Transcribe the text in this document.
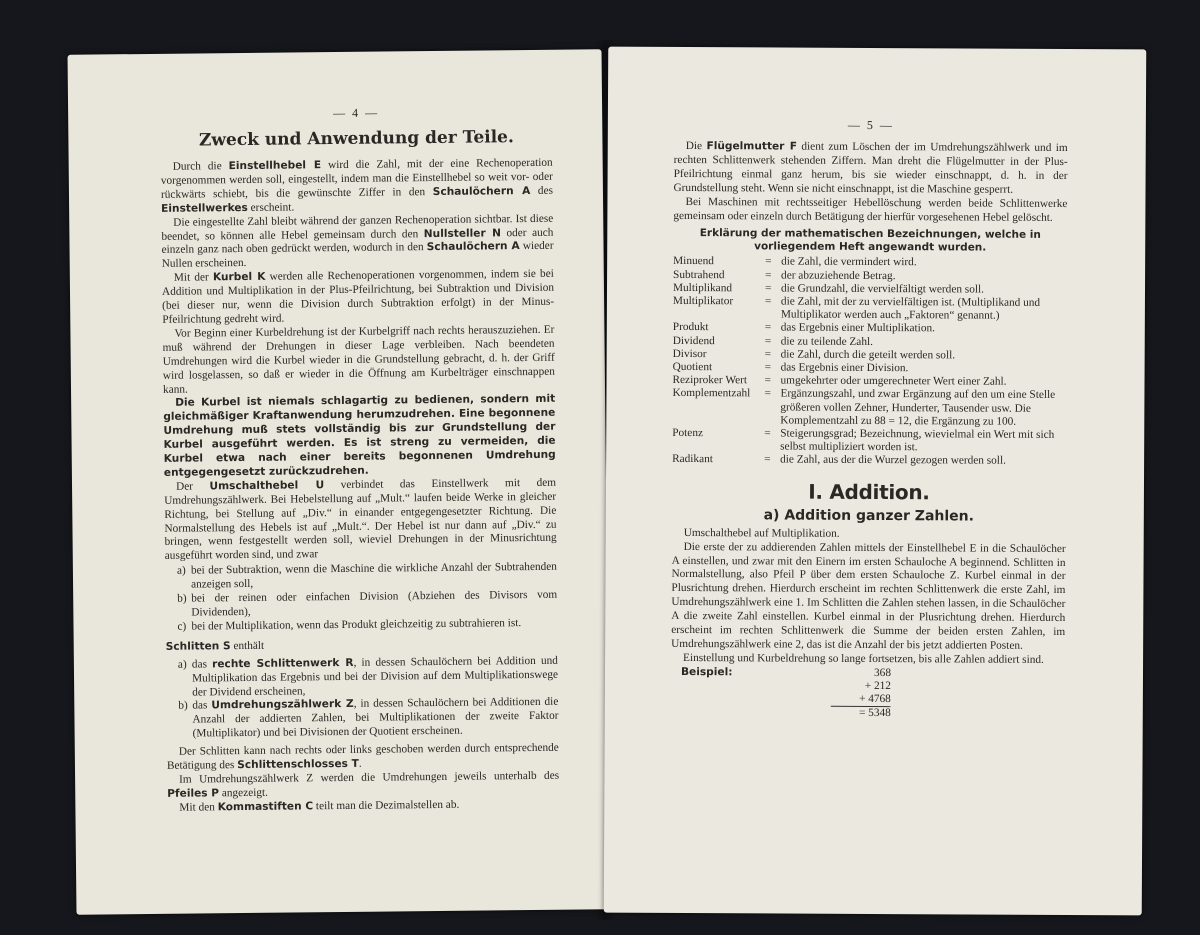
— 4 —
Zweck und Anwendung der Teile.

Durch die Einstellhebel E wird die Zahl, mit der eine Rechenoperation vorgenommen werden soll, eingestellt, indem man die Einstellhebel so weit vor- oder rückwärts schiebt, bis die gewünschte Ziffer in den Schaulöchern A des Einstellwerkes erscheint.

Die eingestellte Zahl bleibt während der ganzen Rechenoperation sichtbar. Ist diese beendet, so können alle Hebel gemeinsam durch den Nullsteller N oder auch einzeln ganz nach oben gedrückt werden, wodurch in den Schaulöchern A wieder Nullen erscheinen.

Mit der Kurbel K werden alle Rechenoperationen vorgenommen, indem sie bei Addition und Multiplikation in der Plus-Pfeilrichtung, bei Subtraktion und Division (bei dieser nur, wenn die Division durch Subtraktion erfolgt) in der Minus-Pfeilrichtung gedreht wird.

Vor Beginn einer Kurbeldrehung ist der Kurbelgriff nach rechts herauszuziehen. Er muß während der Drehungen in dieser Lage verbleiben. Nach beendeten Umdrehungen wird die Kurbel wieder in die Grundstellung gebracht, d. h. der Griff wird losgelassen, so daß er wieder in die Öffnung am Kurbelträger einschnappen kann.

Die Kurbel ist niemals schlagartig zu bedienen, sondern mit gleichmäßiger Kraftanwendung herumzudrehen. Eine begonnene Umdrehung muß stets vollständig bis zur Grundstellung der Kurbel ausgeführt werden. Es ist streng zu vermeiden, die Kurbel etwa nach einer bereits begonnenen Umdrehung entgegengesetzt zurückzudrehen.

Der Umschalthebel U verbindet das Einstellwerk mit dem Umdrehungszählwerk. Bei Hebelstellung auf „Mult.“ laufen beide Werke in gleicher Richtung, bei Stellung auf „Div.“ in einander entgegengesetzter Richtung. Die Normalstellung des Hebels ist auf „Mult.“. Der Hebel ist nur dann auf „Div.“ zu bringen, wenn festgestellt werden soll, wieviel Drehungen in der Minusrichtung ausgeführt worden sind, und zwar

a) bei der Subtraktion, wenn die Maschine die wirkliche Anzahl der Subtrahenden anzeigen soll,
b) bei der reinen oder einfachen Division (Abziehen des Divisors vom Dividenden),
c) bei der Multiplikation, wenn das Produkt gleichzeitig zu subtrahieren ist.

Schlitten S enthält

a) das rechte Schlittenwerk R, in dessen Schaulöchern bei Addition und Multiplikation das Ergebnis und bei der Division auf dem Multiplikationswege der Dividend erscheinen,
b) das Umdrehungszählwerk Z, in dessen Schaulöchern bei Additionen die Anzahl der addierten Zahlen, bei Multiplikationen der zweite Faktor (Multiplikator) und bei Divisionen der Quotient erscheinen.

Der Schlitten kann nach rechts oder links geschoben werden durch entsprechende Betätigung des Schlittenschlosses T.

Im Umdrehungszählwerk Z werden die Umdrehungen jeweils unterhalb des Pfeiles P angezeigt.

Mit den Kommastiften C teilt man die Dezimalstellen ab.

— 5 —

Die Flügelmutter F dient zum Löschen der im Umdrehungszählwerk und im rechten Schlittenwerk stehenden Ziffern. Man dreht die Flügelmutter in der Plus-Pfeilrichtung einmal ganz herum, bis sie wieder einschnappt, d. h. in der Grundstellung steht. Wenn sie nicht einschnappt, ist die Maschine gesperrt.

Bei Maschinen mit rechtsseitiger Hebellöschung werden beide Schlittenwerke gemeinsam oder einzeln durch Betätigung der hierfür vorgesehenen Hebel gelöscht.

Erklärung der mathematischen Bezeichnungen, welche in vorliegendem Heft angewandt wurden.
Minuend	=	die Zahl, die vermindert wird.
Subtrahend	=	der abzuziehende Betrag.
Multiplikand	=	die Grundzahl, die vervielfältigt werden soll.
Multiplikator	=	die Zahl, mit der zu vervielfältigen ist. (Multiplikand und Multiplikator werden auch „Faktoren“ genannt.)
Produkt	=	das Ergebnis einer Multiplikation.
Dividend	=	die zu teilende Zahl.
Divisor	=	die Zahl, durch die geteilt werden soll.
Quotient	=	das Ergebnis einer Division.
Reziproker Wert	=	umgekehrter oder umgerechneter Wert einer Zahl.
Komplementzahl	=	Ergänzungszahl, und zwar Ergänzung auf den um eine Stelle größeren vollen Zehner, Hunderter, Tausender usw. Die Komplementzahl zu 88 = 12, die Ergänzung zu 100.
Potenz	=	Steigerungsgrad; Bezeichnung, wievielmal ein Wert mit sich selbst multipliziert worden ist.
Radikant	=	die Zahl, aus der die Wurzel gezogen werden soll.
I. Addition.
a) Addition ganzer Zahlen.

Umschalthebel auf Multiplikation.

Die erste der zu addierenden Zahlen mittels der Einstellhebel E in die Schaulöcher A einstellen, und zwar mit den Einern im ersten Schauloche A beginnend. Schlitten in Normalstellung, also Pfeil P über dem ersten Schauloche Z. Kurbel einmal in der Plusrichtung drehen. Hierdurch erscheint im rechten Schlittenwerk die erste Zahl, im Umdrehungszählwerk eine 1. Im Schlitten die Zahlen stehen lassen, in die Schaulöcher A die zweite Zahl einstellen. Kurbel einmal in der Plusrichtung drehen. Hierdurch erscheint im rechten Schlittenwerk die Summe der beiden ersten Zahlen, im Umdrehungszählwerk eine 2, das ist die Anzahl der bis jetzt addierten Posten.

Einstellung und Kurbeldrehung so lange fortsetzen, bis alle Zahlen addiert sind.

Beispiel:	368
+ 212
+ 4768
= 5348
